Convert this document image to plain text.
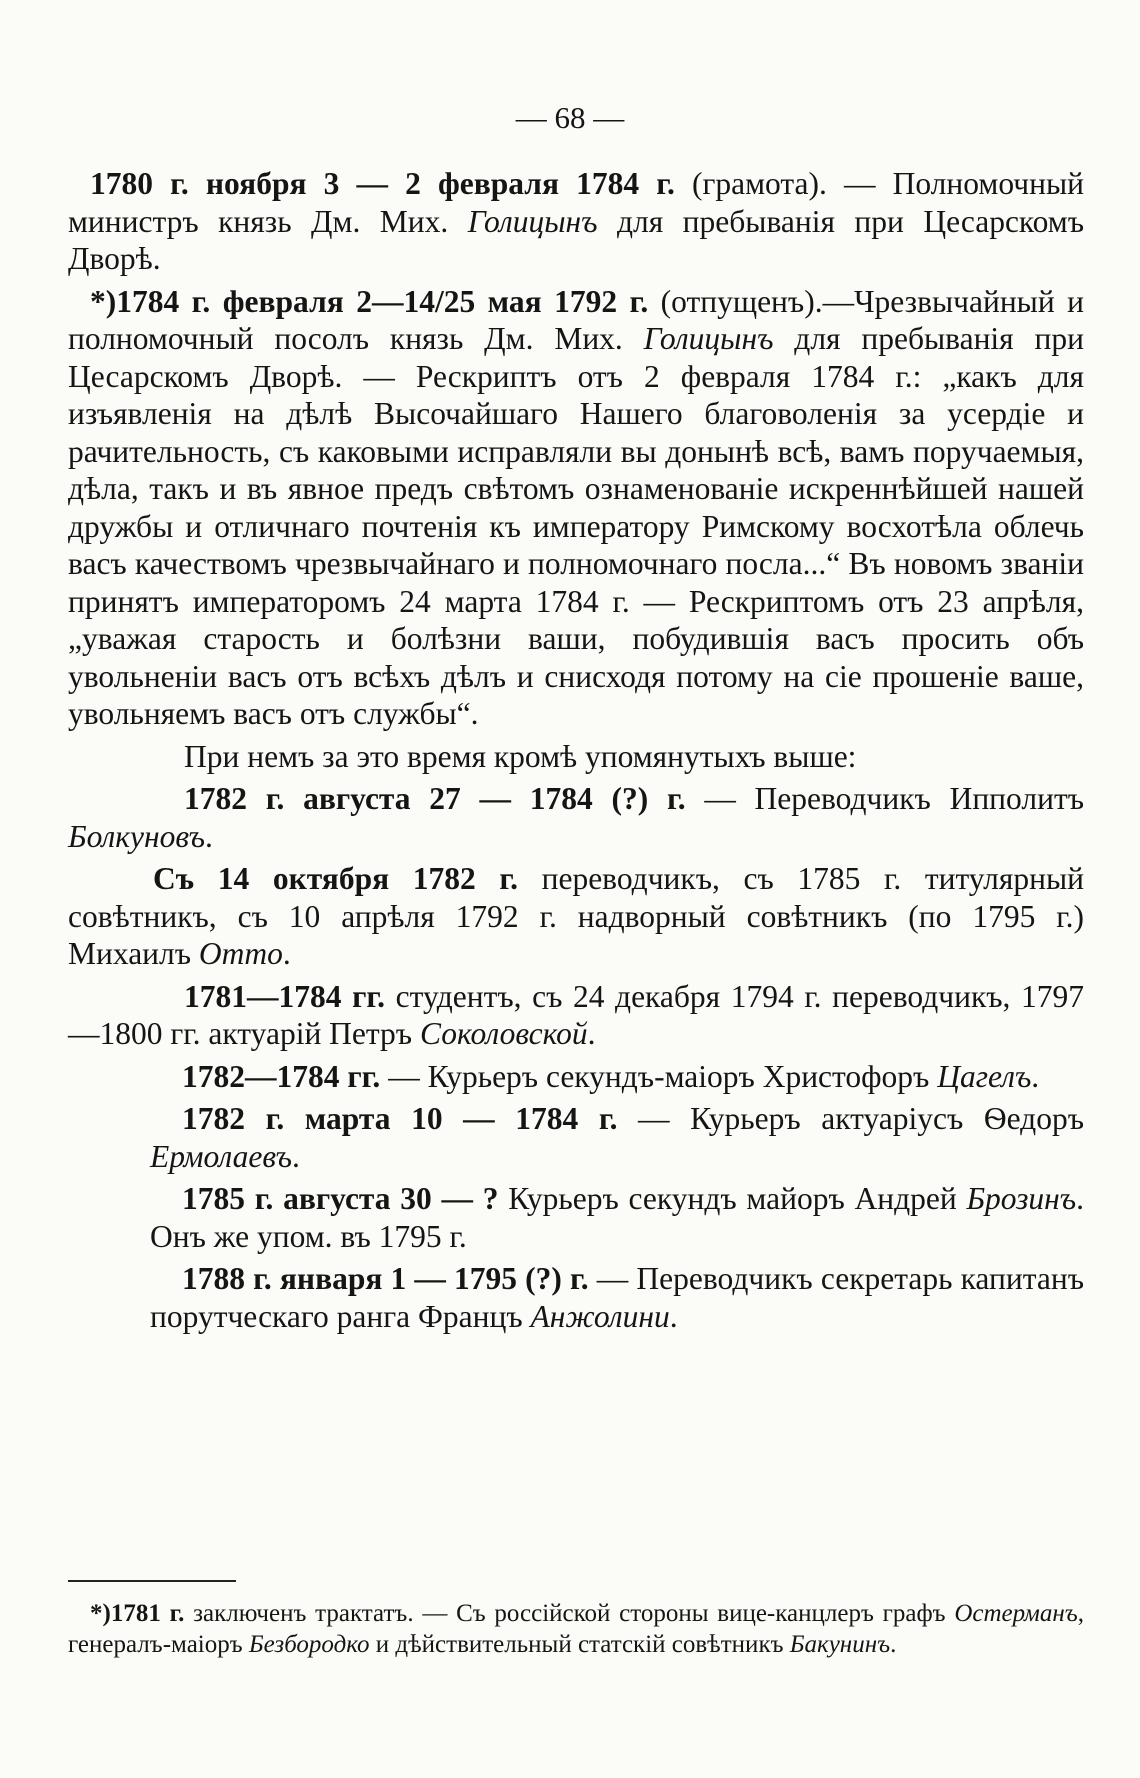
— 68 —

1780 г. ноября 3 — 2 февраля 1784 г. (грамота). — Полномочный министръ князь Дм. Мих. Голицынъ для пребыванія при Цесарскомъ Дворѣ.

*)1784 г. февраля 2—14/25 мая 1792 г. (отпущенъ).—Чрезвычайный и полномочный посолъ князь Дм. Мих. Голицынъ для пребыванія при Цесарскомъ Дворѣ. — Рескриптъ отъ 2 февраля 1784 г.: „какъ для изъявленія на дѣлѣ Высочайшаго Нашего благоволенія за усердіе и рачительность, съ каковыми исправляли вы донынѣ всѣ, вамъ поручаемыя, дѣла, такъ и въ явное предъ свѣтомъ ознаменованіе искреннѣйшей нашей дружбы и отличнаго почтенія къ императору Римскому восхотѣла облечь васъ качествомъ чрезвычайнаго и полномочнаго посла...“ Въ новомъ званіи принятъ императоромъ 24 марта 1784 г. — Рескриптомъ отъ 23 апрѣля, „уважая старость и болѣзни ваши, побудившія васъ просить объ увольненіи васъ отъ всѣхъ дѣлъ и снисходя потому на сіе прошеніе ваше, увольняемъ васъ отъ службы“.

При немъ за это время кромѣ упомянутыхъ выше:

1782 г. августа 27 — 1784 (?) г. — Переводчикъ Ипполитъ Болкуновъ.

Съ 14 октября 1782 г. переводчикъ, съ 1785 г. титулярный совѣтникъ, съ 10 апрѣля 1792 г. надворный совѣтникъ (по 1795 г.) Михаилъ Отто.

1781—1784 гг. студентъ, съ 24 декабря 1794 г. переводчикъ, 1797—1800 гг. актуарій Петръ Соколовской.

1782—1784 гг. — Курьеръ секундъ-маіоръ Христофоръ Цагелъ.

1782 г. марта 10 — 1784 г. — Курьеръ актуаріусъ Ѳедоръ Ермолаевъ.

1785 г. августа 30 — ? Курьеръ секундъ майоръ Андрей Брозинъ. Онъ же упом. въ 1795 г.

1788 г. января 1 — 1795 (?) г. — Переводчикъ секретарь капитанъ порутческаго ранга Францъ Анжолини.

*)1781 г. заключенъ трактатъ. — Съ россійской стороны вице-канцлеръ графъ Остерманъ, генералъ-маіоръ Безбородко и дѣйствительный статскій совѣтникъ Бакунинъ.
